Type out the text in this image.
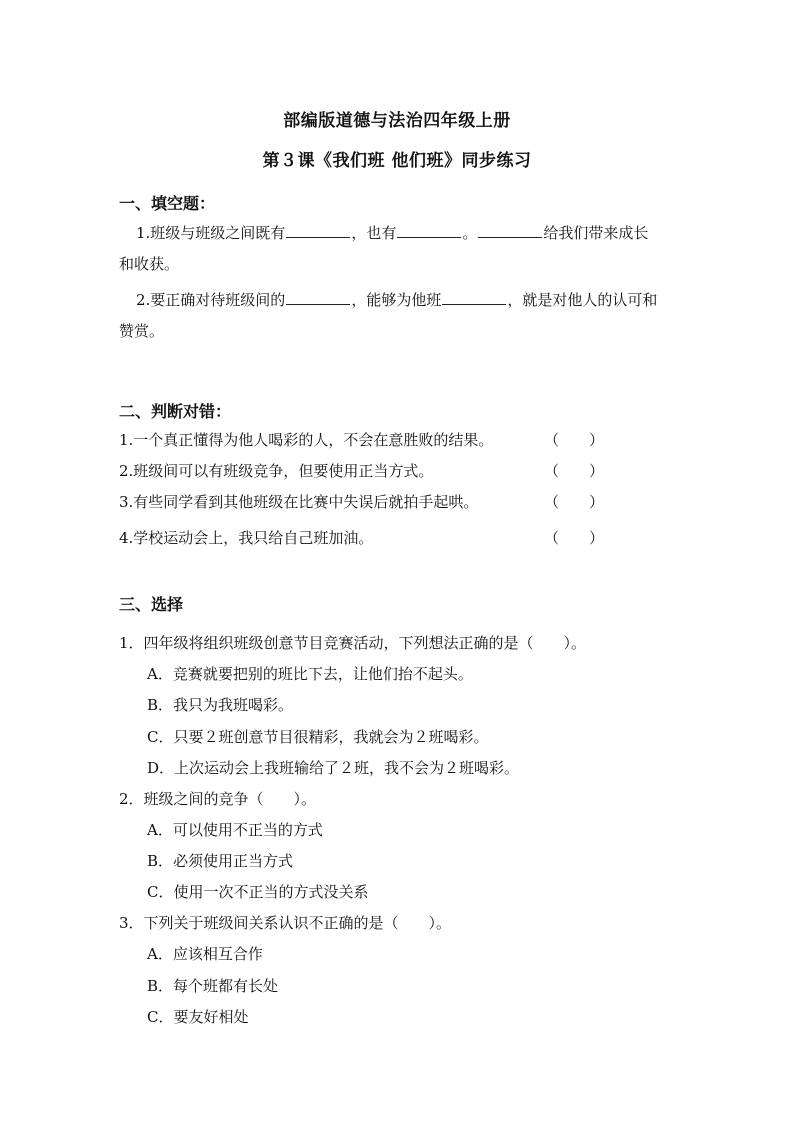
部编版道德与法治四年级上册
第３课《我们班 他们班》同步练习
一、填空题：
1.班级与班级之间既有	，也有	。	给我们带来成长
和收获。
2.要正确对待班级间的	，能够为他班	，就是对他人的认可和
赞赏。
二、判断对错：
1.一个真正懂得为他人喝彩的人，不会在意胜败的结果。	（　　）
2.班级间可以有班级竞争，但要使用正当方式。	（　　）
3.有些同学看到其他班级在比赛中失误后就拍手起哄。	（　　）
4.学校运动会上，我只给自己班加油。	（　　）
三、选择
1．四年级将组织班级创意节目竞赛活动，下列想法正确的是（　　）。
A．竞赛就要把别的班比下去，让他们抬不起头。
B．我只为我班喝彩。
C．只要２班创意节目很精彩，我就会为２班喝彩。
D．上次运动会上我班输给了２班，我不会为２班喝彩。
2．班级之间的竞争（　　）。
A．可以使用不正当的方式
B．必须使用正当方式
C．使用一次不正当的方式没关系
3．下列关于班级间关系认识不正确的是（　　）。
A．应该相互合作
B．每个班都有长处
C．要友好相处
